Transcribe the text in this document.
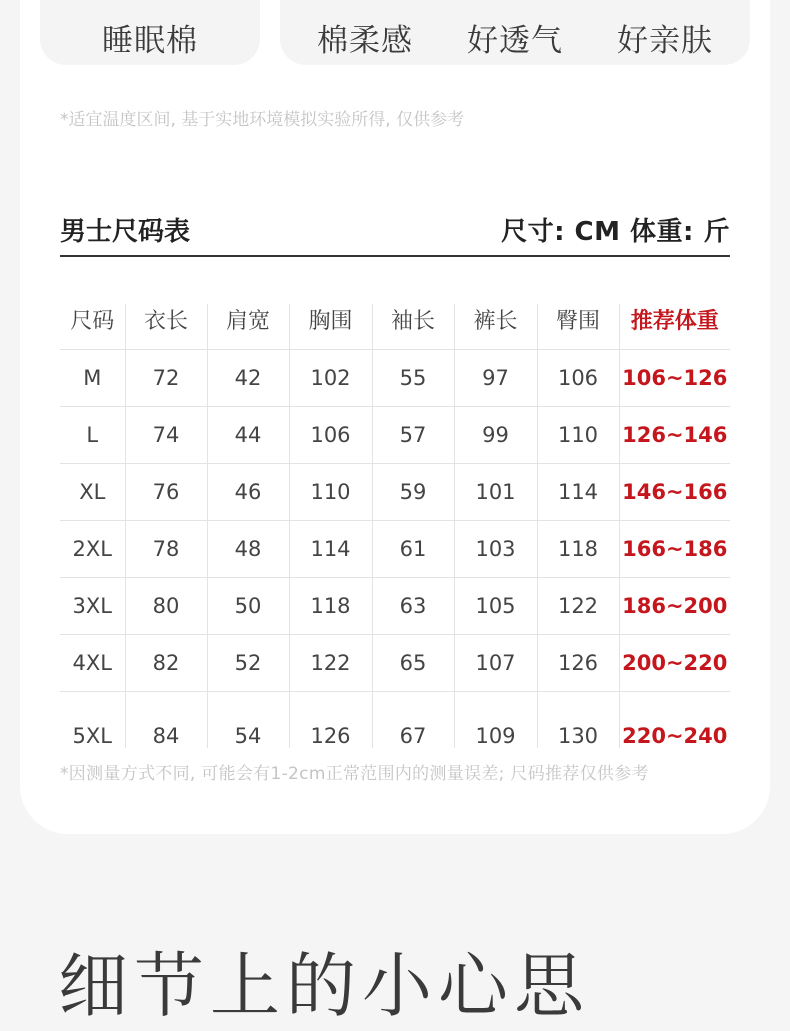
睡眠棉	棉柔感 好透气 好亲肤
*适宜温度区间, 基于实地环境模拟实验所得, 仅供参考
男士尺码表	尺寸: CM 体重: 斤
尺码	衣长	肩宽	胸围	袖长	裤长	臀围	推荐体重
M	72	42	102	55	97	106	106~126
L	74	44	106	57	99	110	126~146
XL	76	46	110	59	101	114	146~166
2XL	78	48	114	61	103	118	166~186
3XL	80	50	118	63	105	122	186~200
4XL	82	52	122	65	107	126	200~220
5XL	84	54	126	67	109	130	220~240
*因测量方式不同, 可能会有1-2cm正常范围内的测量误差; 尺码推荐仅供参考
细节上的小心思
